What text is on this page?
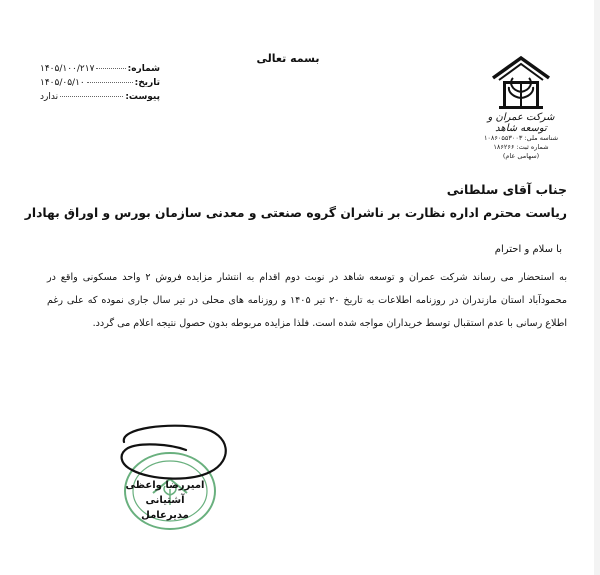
بسمه تعالی
شماره:
۱۴۰۵/۱۰۰/۲۱۷
تاریخ:
۱۴۰۵/۰۵/۱۰
پیوست:
ندارد
شرکت عمران و توسعه شاهد
شناسه ملی: ۱۰۸۶۰۵۵۳۰۰۳
شماره ثبت: ۱۸۶۲۶۶
(سهامی عام)
جناب آقای سلطانی
ریاست محترم اداره نظارت بر ناشران گروه صنعتی و معدنی سازمان بورس و اوراق بهادار
با سلام و احترام
به استحضار می رساند شرکت عمران و توسعه شاهد در نوبت دوم اقدام به انتشار مزایده فروش ۲ واحد مسکونی واقع در محمودآباد استان مازندران در روزنامه اطلاعات به تاریخ ۲۰ تیر ۱۴۰۵ و روزنامه های محلی در تیر سال جاری نموده که علی رغم اطلاع رسانی با عدم استقبال توسط خریداران مواجه شده است. فلذا مزایده مربوطه بدون حصول نتیجه اعلام می گردد.
امیررضا واعظی آشتیانی
مدیرعامل
